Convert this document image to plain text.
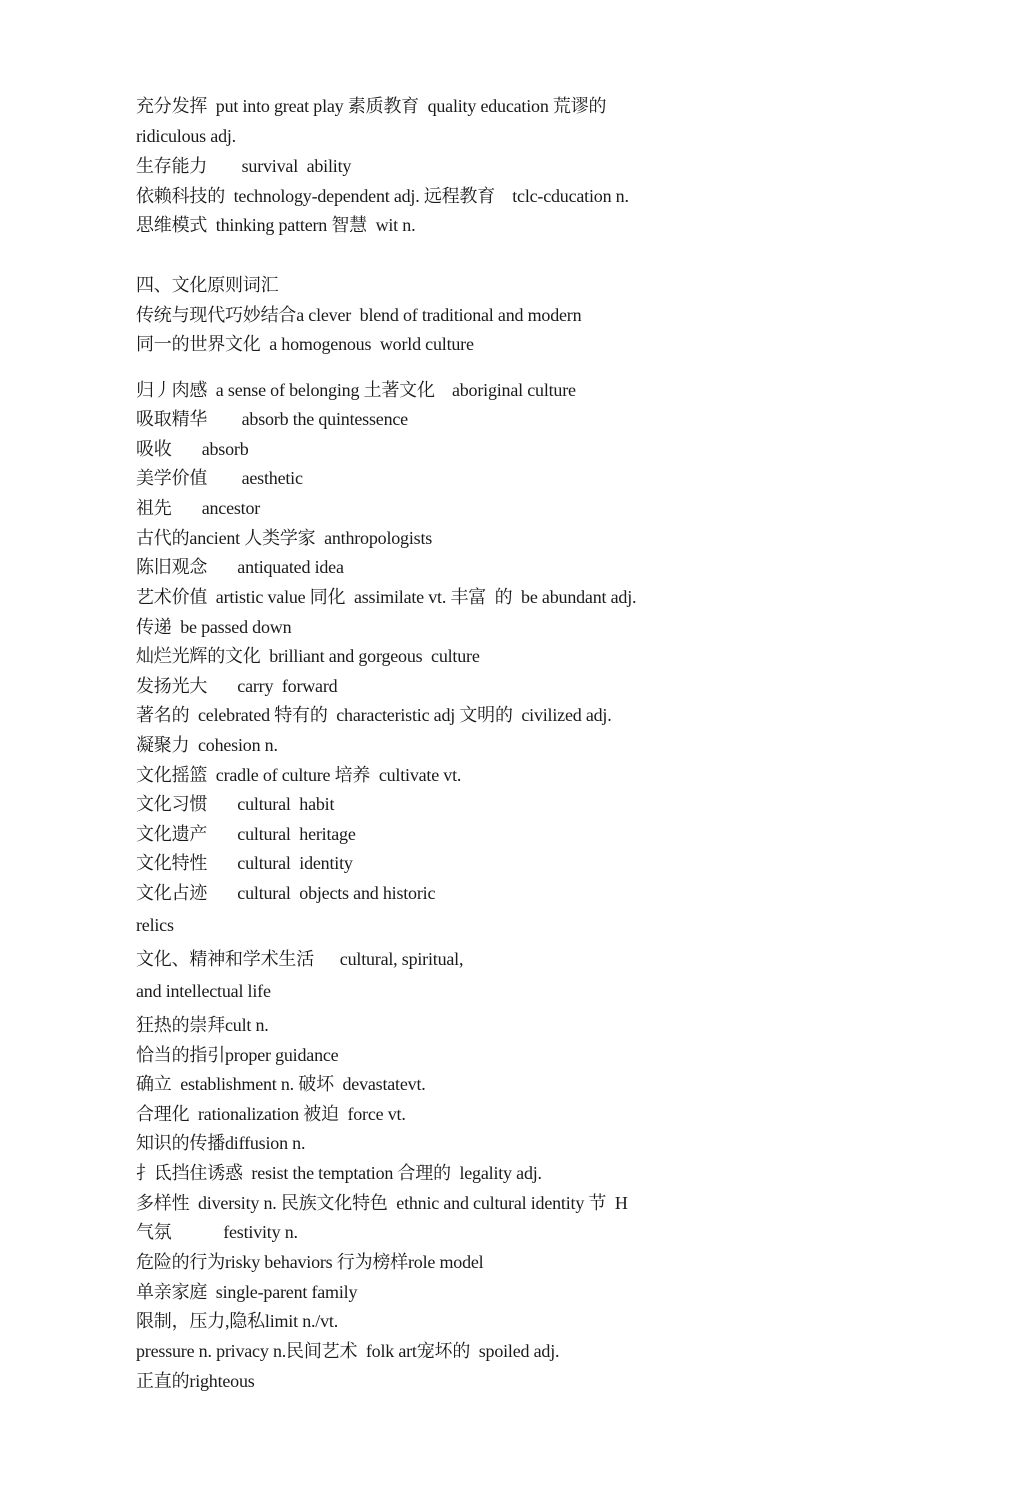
充分发挥  put into great play 素质教育  quality education 荒谬的
ridiculous adj.
生存能力        survival  ability
依赖科技的  technology-dependent adj. 远程教育    tclc-cducation n.
思维模式  thinking pattern 智慧  wit n.
四、文化原则词汇
传统与现代巧妙结合a clever  blend of traditional and modern
同一的世界文化  a homogenous  world culture
归丿肉感  a sense of belonging 土著文化    aboriginal culture
吸取精华        absorb the quintessence
吸收       absorb
美学价值        aesthetic
祖先       ancestor
古代的ancient 人类学家  anthropologists
陈旧观念       antiquated idea
艺术价值  artistic value 同化  assimilate vt. 丰富  的  be abundant adj.
传递  be passed down
灿烂光辉的文化  brilliant and gorgeous  culture
发扬光大       carry  forward
著名的  celebrated 特有的  characteristic adj 文明的  civilized adj.
凝聚力  cohesion n.
文化摇篮  cradle of culture 培养  cultivate vt.
文化习惯       cultural  habit
文化遗产       cultural  heritage
文化特性       cultural  identity
文化占迹       cultural  objects and historic
relics
文化、精神和学术生活      cultural, spiritual,
and intellectual life
狂热的崇拜cult n.
恰当的指引proper guidance
确立  establishment n. 破坏  devastatevt.
合理化  rationalization 被迫  force vt.
知识的传播diffusion n.
扌氐挡住诱惑  resist the temptation 合理的  legality adj.
多样性  diversity n. 民族文化特色  ethnic and cultural identity 节  H
气氛            festivity n.
危险的行为risky behaviors 行为榜样role model
单亲家庭  single-parent family
限制，压力,隐私limit n./vt.
pressure n. privacy n.民间艺术  folk art宠坏的  spoiled adj.
正直的righteous
